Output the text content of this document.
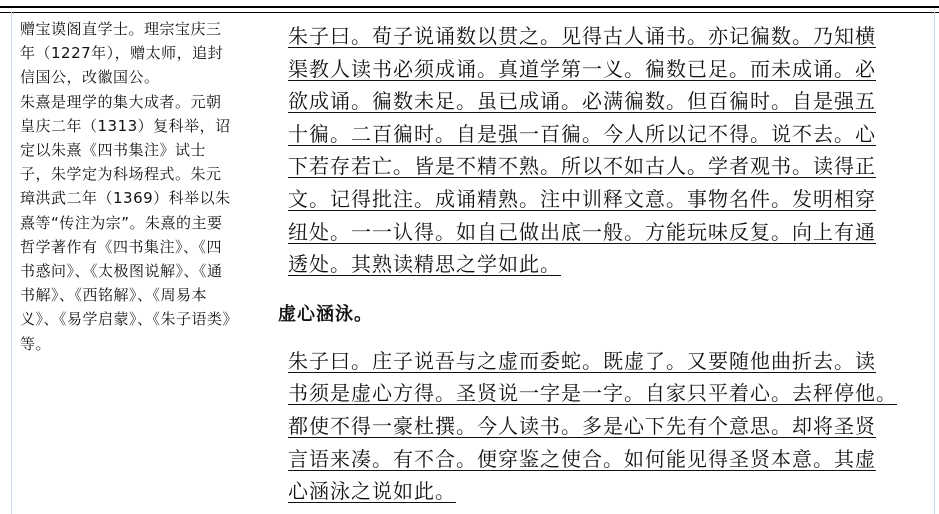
赠宝谟阁直学士。理宗宝庆三年（1227年），赠太师，追封信国公，改徽国公。

朱熹是理学的集大成者。元朝皇庆二年（1313）复科举，诏定以朱熹《四书集注》试士子，朱学定为科场程式。朱元璋洪武二年（1369）科举以朱熹等“传注为宗”。朱熹的主要哲学著作有《四书集注》、《四书惑问》、《太极图说解》、《通书解》、《西铭解》、《周易本义》、《易学启蒙》、《朱子语类》等。

朱子曰。荀子说诵数以贯之。见得古人诵书。亦记徧数。乃知横
渠教人读书必须成诵。真道学第一义。徧数已足。而未成诵。必
欲成诵。徧数未足。虽已成诵。必满徧数。但百徧时。自是强五
十徧。二百徧时。自是强一百徧。今人所以记不得。说不去。心
下若存若亡。皆是不精不熟。所以不如古人。学者观书。读得正
文。记得批注。成诵精熟。注中训释文意。事物名件。发明相穿
纽处。一一认得。如自己做出底一般。方能玩味反复。向上有通
透处。其熟读精思之学如此。
虚心涵泳。
朱子曰。庄子说吾与之虚而委蛇。既虚了。又要随他曲折去。读
书须是虚心方得。圣贤说一字是一字。自家只平着心。去秤停他。
都使不得一豪杜撰。今人读书。多是心下先有个意思。却将圣贤
言语来凑。有不合。便穿鉴之使合。如何能见得圣贤本意。其虚
心涵泳之说如此。
